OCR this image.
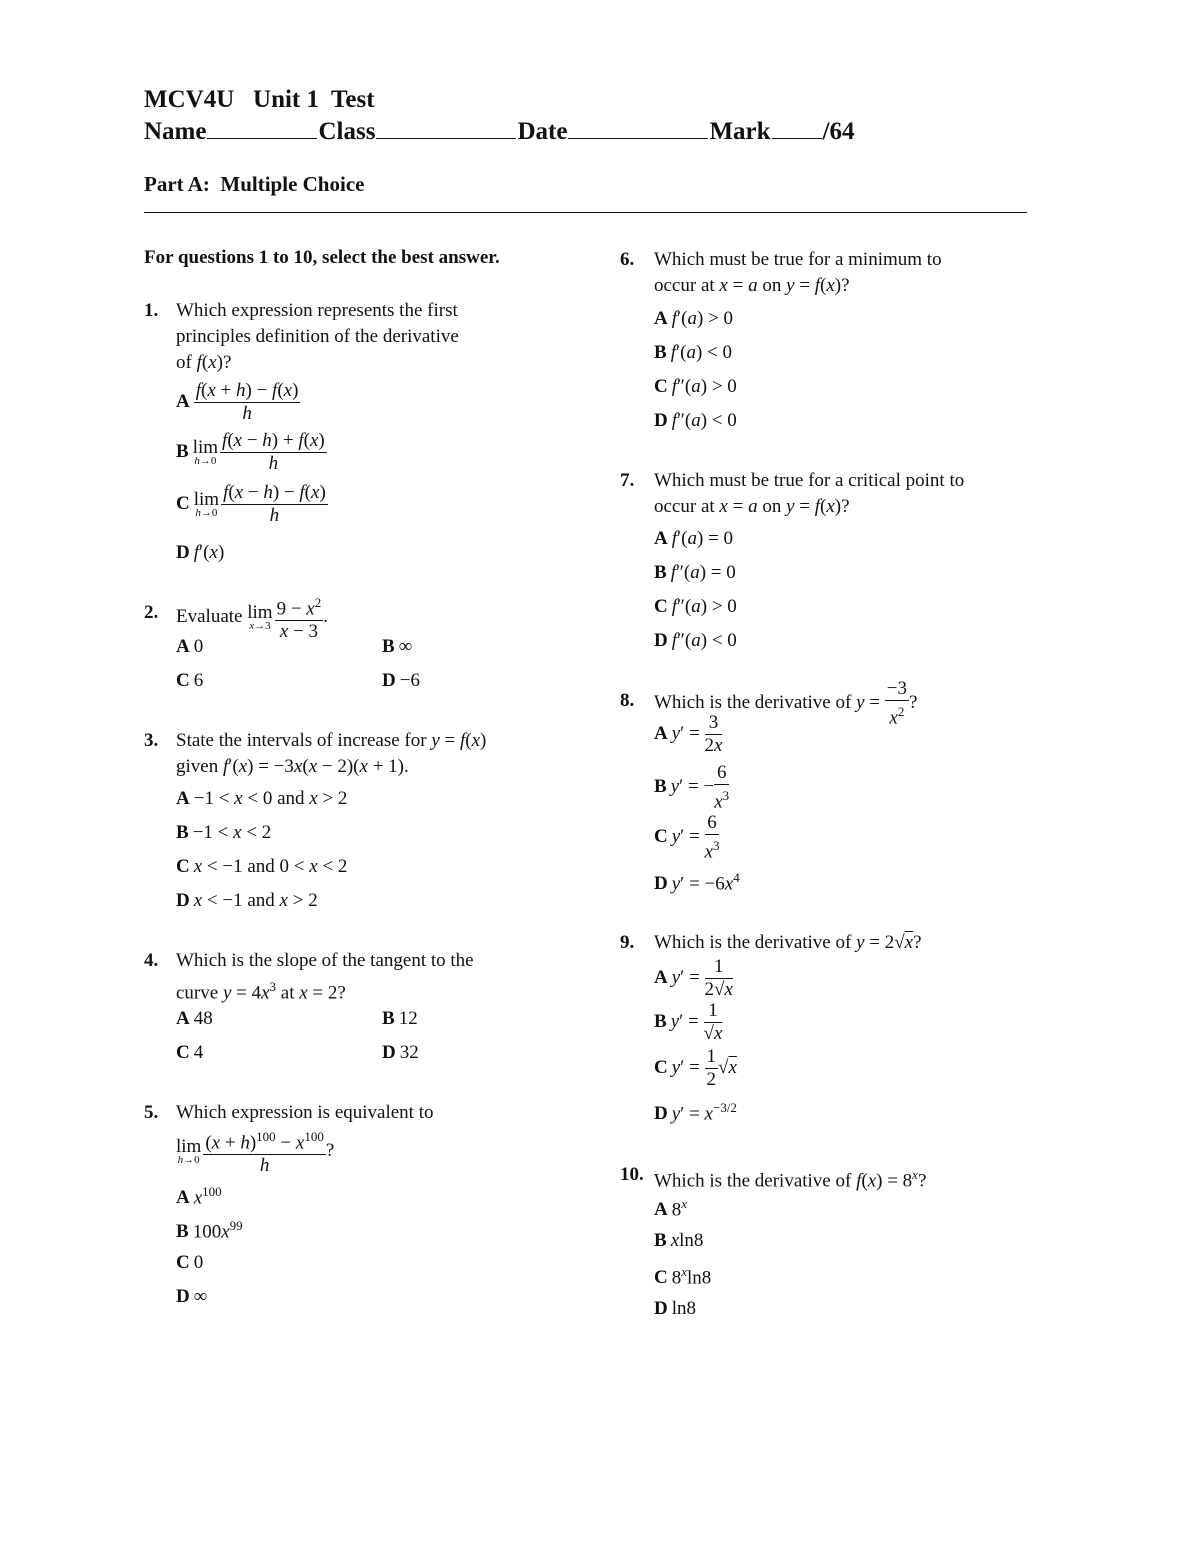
MCV4U   Unit 1  Test
Name	Class	Date	Mark /64
Part A:  Multiple Choice
For questions 1 to 10, select the best answer.
1. Which expression represents the first
principles definition of the derivative
of f(x)?
A $\frac{f(x + h) - f(x)}{h}$
B lim
$h\to 0 \frac{f(x - h) + f(x)}{h}$
C lim
$h\to 0 \frac{f(x - h) - f(x)}{h}$
D f′(x)
2. Evaluate lim
$x\to 3 \frac{9 - x^2}{x - 3}$ .
A 0	B ∞
C 6	D −6
3. State the intervals of increase for y = f(x)
given f′(x) = −3x(x − 2)(x + 1).
A −1 < x < 0 and x > 2
B −1 < x < 2
C x < −1 and 0 < x < 2
D x < −1 and x > 2
4. Which is the slope of the tangent to the
curve $y = 4x^3$ at x = 2?
A 48	B 12
C 4	D 32
5. Which expression is equivalent to
lim
$h\to 0 \frac{(x + h)^{100} - x^{100}}{h}$ ?
A $x^{100}$
B $100x^{99}$
C 0
D ∞
6. Which must be true for a minimum to
occur at x = a on y = f(x)?
A f′(a) > 0
B f′(a) < 0
C f″(a) > 0
D f″(a) < 0
7. Which must be true for a critical point to
occur at x = a on y = f(x)?
A f′(a) = 0
B f″(a) = 0
C f″(a) > 0
D f″(a) < 0
8. Which is the derivative of $y = \frac{-3}{x^2}$ ?
A $y' = \frac{3}{2x}$
B y′ = − $\frac{6}{x^3}$
C $y' = \frac{6}{x^3}$
D $y' = -6x^4$
9. Which is the derivative of y = 2√x?
A $y' = \frac{1}{2√x}$
B $y' = \frac{1}{√x}$
C $y' = \frac{1}{2} √x$
D $y' = x^{-3/2}$
10. Which is the derivative of $f(x) = 8^x$?
A 8$^x$
B xln8
C 8$^x$ln8
D ln8
